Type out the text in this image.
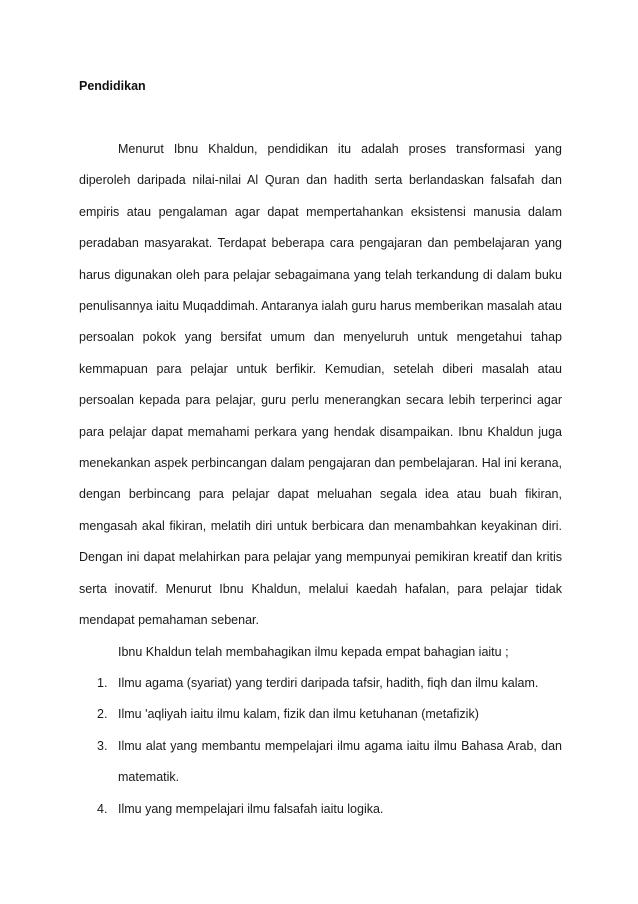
Pendidikan

Menurut Ibnu Khaldun, pendidikan itu adalah proses transformasi yang diperoleh daripada nilai-nilai Al Quran dan hadith serta berlandaskan falsafah dan empiris atau pengalaman agar dapat mempertahankan eksistensi manusia dalam peradaban masyarakat. Terdapat beberapa cara pengajaran dan pembelajaran yang harus digunakan oleh para pelajar sebagaimana yang telah terkandung di dalam buku penulisannya iaitu Muqaddimah. Antaranya ialah guru harus memberikan masalah atau persoalan pokok yang bersifat umum dan menyeluruh untuk mengetahui tahap kemmapuan para pelajar untuk berfikir. Kemudian, setelah diberi masalah atau persoalan kepada para pelajar, guru perlu menerangkan secara lebih terperinci agar para pelajar dapat memahami perkara yang hendak disampaikan. Ibnu Khaldun juga menekankan aspek perbincangan dalam pengajaran dan pembelajaran. Hal ini kerana, dengan berbincang para pelajar dapat meluahan segala idea atau buah fikiran, mengasah akal fikiran, melatih diri untuk berbicara dan menambahkan keyakinan diri. Dengan ini dapat melahirkan para pelajar yang mempunyai pemikiran kreatif dan kritis serta inovatif. Menurut Ibnu Khaldun, melalui kaedah hafalan, para pelajar tidak mendapat pemahaman sebenar.

Ibnu Khaldun telah membahagikan ilmu kepada empat bahagian iaitu ;

1. Ilmu agama (syariat) yang terdiri daripada tafsir, hadith, fiqh dan ilmu kalam.
2. Ilmu 'aqliyah iaitu ilmu kalam, fizik dan ilmu ketuhanan (metafizik)
3. Ilmu alat yang membantu mempelajari ilmu agama iaitu ilmu Bahasa Arab, dan matematik.
4. Ilmu yang mempelajari ilmu falsafah iaitu logika.
